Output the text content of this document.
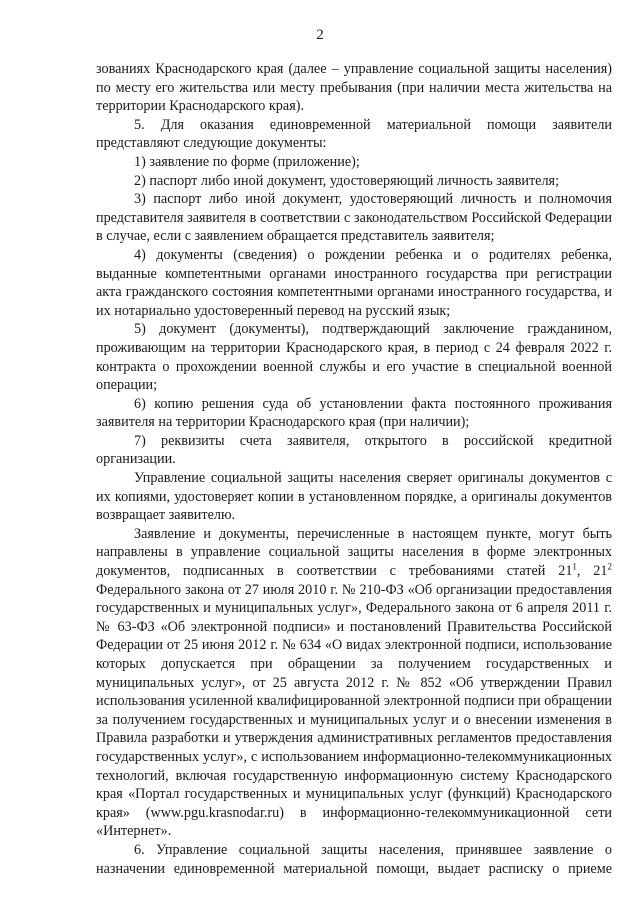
2

зованиях Краснодарского края (далее – управление социальной защиты населения) по месту его жительства или месту пребывания (при наличии места жительства на территории Краснодарского края).

5. Для оказания единовременной материальной помощи заявители представляют следующие документы:

1) заявление по форме (приложение);

2) паспорт либо иной документ, удостоверяющий личность заявителя;

3) паспорт либо иной документ, удостоверяющий личность и полномочия представителя заявителя в соответствии с законодательством Российской Федерации в случае, если с заявлением обращается представитель заявителя;

4) документы (сведения) о рождении ребенка и о родителях ребенка, выданные компетентными органами иностранного государства при регистрации акта гражданского состояния компетентными органами иностранного государства, и их нотариально удостоверенный перевод на русский язык;

5) документ (документы), подтверждающий заключение гражданином, проживающим на территории Краснодарского края, в период с 24 февраля 2022 г. контракта о прохождении военной службы и его участие в специальной военной операции;

6) копию решения суда об установлении факта постоянного проживания заявителя на территории Краснодарского края (при наличии);

7) реквизиты счета заявителя, открытого в российской кредитной организации.

Управление социальной защиты населения сверяет оригиналы документов с их копиями, удостоверяет копии в установленном порядке, а оригиналы документов возвращает заявителю.

Заявление и документы, перечисленные в настоящем пункте, могут быть направлены в управление социальной защиты населения в форме электронных документов, подписанных в соответствии с требованиями статей $21^1$, $21^2$ Федерального закона от 27 июля 2010 г. № 210-ФЗ «Об организации предоставления государственных и муниципальных услуг», Федерального закона от 6 апреля 2011 г. № 63-ФЗ «Об электронной подписи» и постановлений Правительства Российской Федерации от 25 июня 2012 г. № 634 «О видах электронной подписи, использование которых допускается при обращении за получением государственных и муниципальных услуг», от 25 августа 2012 г. № 852 «Об утверждении Правил использования усиленной квалифицированной электронной подписи при обращении за получением государственных и муниципальных услуг и о внесении изменения в Правила разработки и утверждения административных регламентов предоставления государственных услуг», с использованием информационно-телекоммуникационных технологий, включая государственную информационную систему Краснодарского края «Портал государственных и муниципальных услуг (функций) Краснодарского края» (www.pgu.krasnodar.ru) в информационно-телекоммуникационной сети «Интернет».

6. Управление социальной защиты населения, принявшее заявление о назначении единовременной материальной помощи, выдает расписку о приеме
